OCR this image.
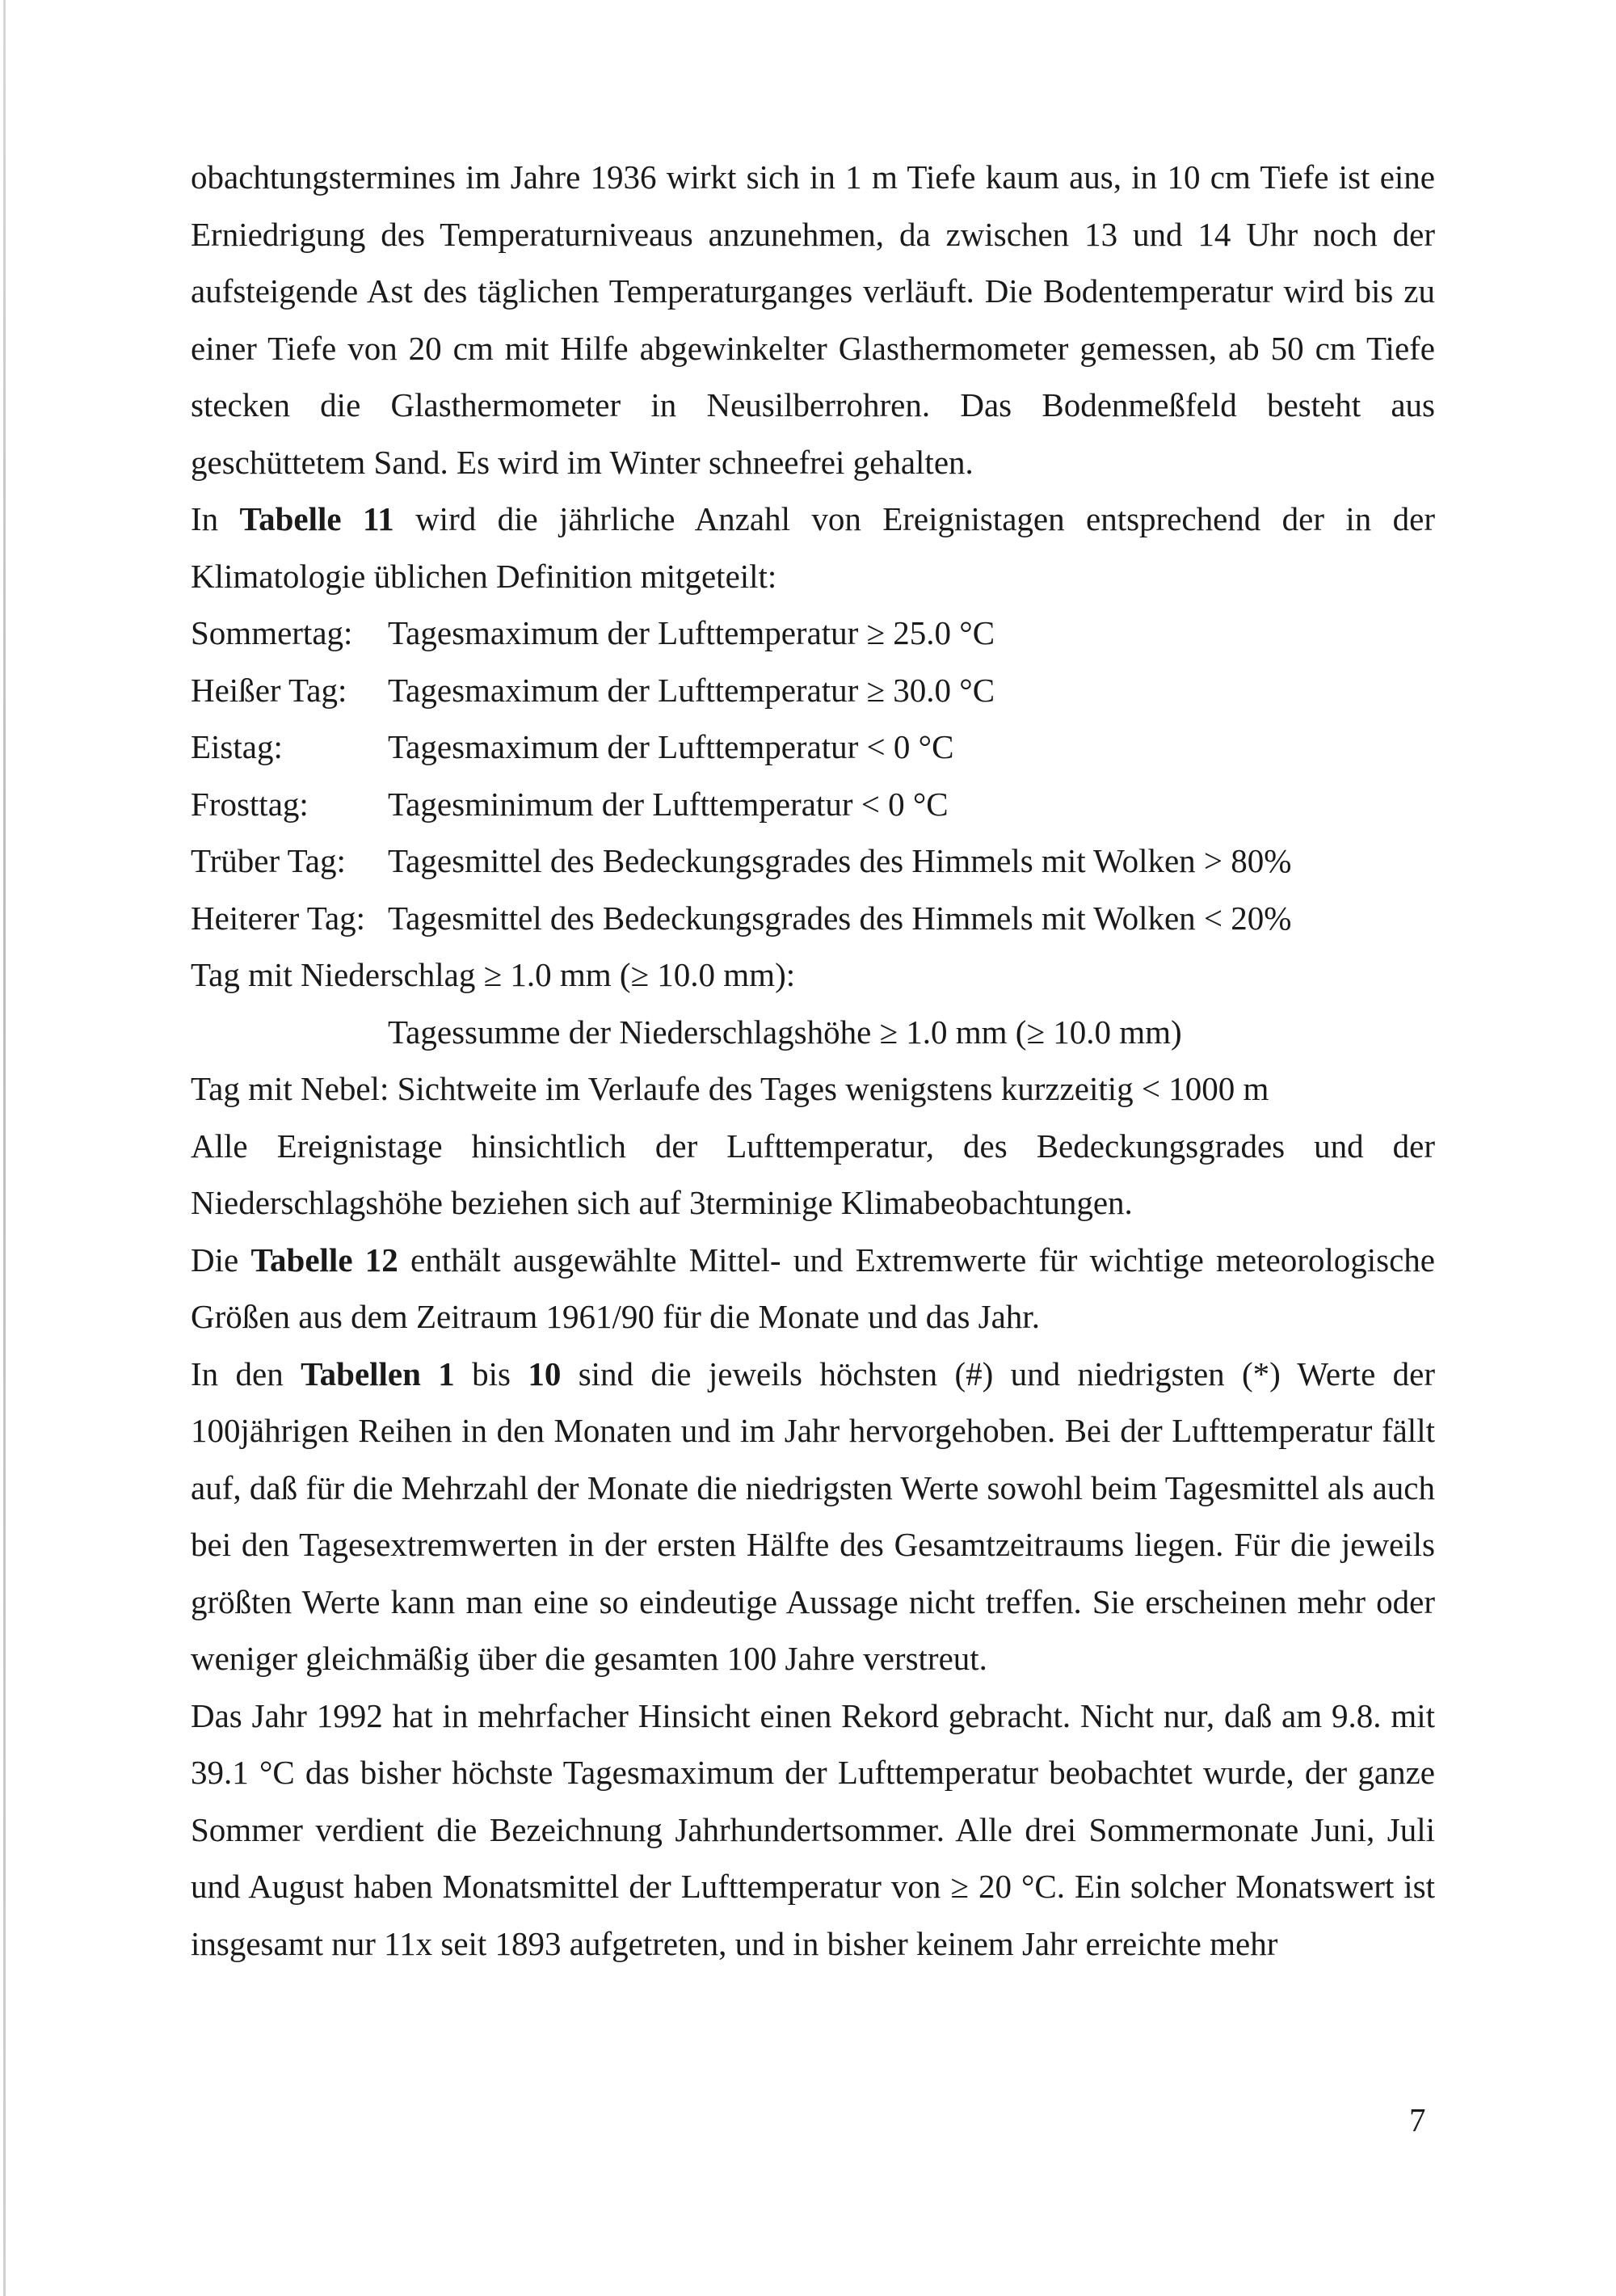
obachtungstermines im Jahre 1936 wirkt sich in 1 m Tiefe kaum aus, in 10 cm Tiefe ist eine Erniedrigung des Temperaturniveaus anzunehmen, da zwischen 13 und 14 Uhr noch der aufsteigende Ast des täglichen Temperaturganges verläuft. Die Bodentemperatur wird bis zu einer Tiefe von 20 cm mit Hilfe abgewinkelter Glasthermometer gemessen, ab 50 cm Tiefe stecken die Glasthermometer in Neusilberrohren. Das Bodenmeßfeld besteht aus geschüttetem Sand. Es wird im Winter schneefrei gehalten.

In Tabelle 11 wird die jährliche Anzahl von Ereignistagen entsprechend der in der Klimatologie üblichen Definition mitgeteilt:

Sommertag:	Tagesmaximum der Lufttemperatur ≥ 25.0 °C
Heißer Tag:	Tagesmaximum der Lufttemperatur ≥ 30.0 °C
Eistag:	Tagesmaximum der Lufttemperatur < 0 °C
Frosttag:	Tagesminimum der Lufttemperatur < 0 °C
Trüber Tag:	Tagesmittel des Bedeckungsgrades des Himmels mit Wolken > 80%
Heiterer Tag: Tagesmittel des Bedeckungsgrades des Himmels mit Wolken < 20%
Tag mit Niederschlag ≥ 1.0 mm (≥ 10.0 mm):
Tagessumme der Niederschlagshöhe ≥ 1.0 mm (≥ 10.0 mm)
Tag mit Nebel: Sichtweite im Verlaufe des Tages wenigstens kurzzeitig < 1000 m

Alle Ereignistage hinsichtlich der Lufttemperatur, des Bedeckungsgrades und der Niederschlagshöhe beziehen sich auf 3terminige Klimabeobachtungen.

Die Tabelle 12 enthält ausgewählte Mittel- und Extremwerte für wichtige meteorologische Größen aus dem Zeitraum 1961/90 für die Monate und das Jahr.

In den Tabellen 1 bis 10 sind die jeweils höchsten (#) und niedrigsten (*) Werte der 100jährigen Reihen in den Monaten und im Jahr hervorgehoben. Bei der Lufttemperatur fällt auf, daß für die Mehrzahl der Monate die niedrigsten Werte sowohl beim Tagesmittel als auch bei den Tagesextremwerten in der ersten Hälfte des Gesamtzeitraums liegen. Für die jeweils größten Werte kann man eine so eindeutige Aussage nicht treffen. Sie erscheinen mehr oder weniger gleichmäßig über die gesamten 100 Jahre verstreut.

Das Jahr 1992 hat in mehrfacher Hinsicht einen Rekord gebracht. Nicht nur, daß am 9.8. mit 39.1 °C das bisher höchste Tagesmaximum der Lufttemperatur beobachtet wurde, der ganze Sommer verdient die Bezeichnung Jahrhundertsommer. Alle drei Sommermonate Juni, Juli und August haben Monatsmittel der Lufttemperatur von ≥ 20 °C. Ein solcher Monatswert ist insgesamt nur 11x seit 1893 aufgetreten, und in bisher keinem Jahr erreichte mehr

7
